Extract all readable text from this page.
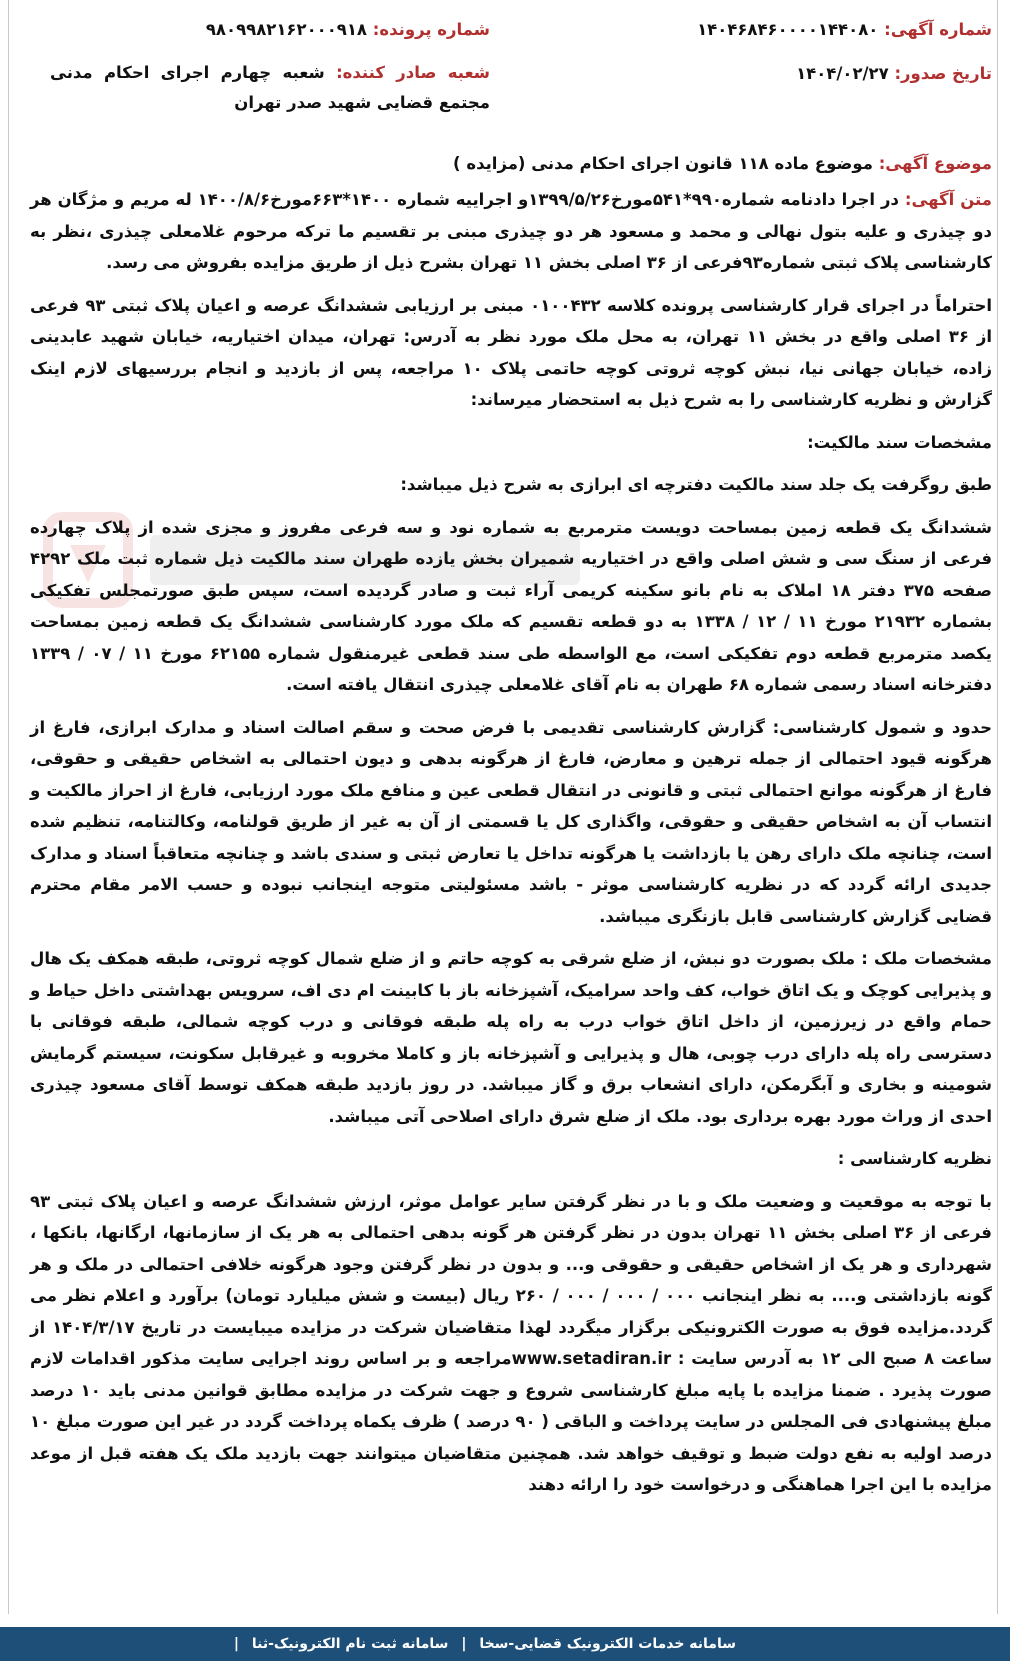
شماره آگهی: ۱۴۰۴۶۸۴۶۰۰۰۰۱۴۴۰۸۰
شماره پرونده: ۹۸۰۹۹۸۲۱۶۲۰۰۰۹۱۸
تاریخ صدور: ۱۴۰۴/۰۲/۲۷
شعبه صادر کننده: شعبه چهارم اجرای احکام مدنی مجتمع قضایی شهید صدر تهران
موضوع آگهی: موضوع ماده ۱۱۸ قانون اجرای احکام مدنی (مزایده )

متن آگهی: در اجرا دادنامه شماره۹۹۰*۵۴۱مورخ۱۳۹۹/۵/۲۶و اجراییه شماره ۱۴۰۰*۶۶۳مورخ۱۴۰۰/۸/۶ له مریم و مژگان هر دو چیذری و علیه بتول نهالی و محمد و مسعود هر دو چیذری مبنی بر تقسیم ما ترکه مرحوم غلامعلی چیذری ،نظر به کارشناسی پلاک ثبتی شماره۹۳فرعی از ۳۶ اصلی بخش ۱۱ تهران بشرح ذیل از طریق مزایده بفروش می رسد.

احتراماً در اجرای قرار کارشناسی پرونده کلاسه ۰۱۰۰۴۳۲ مبنی بر ارزیابی ششدانگ عرصه و اعیان پلاک ثبتی ۹۳ فرعی از ۳۶ اصلی واقع در بخش ۱۱ تهران، به محل ملک مورد نظر به آدرس: تهران، میدان اختیاریه، خیابان شهید عابدینی زاده، خیابان جهانی نیا، نبش کوچه ثروتی کوچه حاتمی پلاک ۱۰ مراجعه، پس از بازدید و انجام بررسیهای لازم اینک گزارش و نظریه کارشناسی را به شرح ذیل به استحضار میرساند:

مشخصات سند مالکیت:

طبق روگرفت یک جلد سند مالکیت دفترچه ای ابرازی به شرح ذیل میباشد:

ششدانگ یک قطعه زمین بمساحت دویست مترمربع به شماره نود و سه فرعی مفروز و مجزی شده از پلاک چهارده فرعی از سنگ سی و شش اصلی واقع در اختیاریه شمیران بخش یازده طهران سند مالکیت ذیل شماره ثبت ملک ۴۲۹۲ صفحه ۳۷۵ دفتر ۱۸ املاک به نام بانو سکینه کریمی آراء ثبت و صادر گردیده است، سپس طبق صورتمجلس تفکیکی بشماره ۲۱۹۳۲ مورخ ۱۱ / ۱۲ / ۱۳۳۸ به دو قطعه تقسیم که ملک مورد کارشناسی ششدانگ یک قطعه زمین بمساحت یکصد مترمربع قطعه دوم تفکیکی است، مع الواسطه طی سند قطعی غیرمنقول شماره ۶۲۱۵۵ مورخ ۱۱ / ۰۷ / ۱۳۳۹ دفترخانه اسناد رسمی شماره ۶۸ طهران به نام آقای غلامعلی چیذری انتقال یافته است.

حدود و شمول کارشناسی: گزارش کارشناسی تقدیمی با فرض صحت و سقم اصالت اسناد و مدارک ابرازی، فارغ از هرگونه قیود احتمالی از جمله ترهین و معارض، فارغ از هرگونه بدهی و دیون احتمالی به اشخاص حقیقی و حقوقی، فارغ از هرگونه موانع احتمالی ثبتی و قانونی در انتقال قطعی عین و منافع ملک مورد ارزیابی، فارغ از احراز مالکیت و انتساب آن به اشخاص حقیقی و حقوقی، واگذاری کل یا قسمتی از آن به غیر از طریق قولنامه، وکالتنامه، تنظیم شده است، چنانچه ملک دارای رهن یا بازداشت یا هرگونه تداخل یا تعارض ثبتی و سندی باشد و چنانچه متعاقباً اسناد و مدارک جدیدی ارائه گردد که در نظریه کارشناسی موثر - باشد مسئولیتی متوجه اینجانب نبوده و حسب الامر مقام محترم قضایی گزارش کارشناسی قابل بازنگری میباشد.

مشخصات ملک : ملک بصورت دو نبش، از ضلع شرقی به کوچه حاتم و از ضلع شمال کوچه ثروتی، طبقه همکف یک هال و پذیرایی کوچک و یک اتاق خواب، کف واحد سرامیک، آشپزخانه باز با کابینت ام دی اف، سرویس بهداشتی داخل حیاط و حمام واقع در زیرزمین، از داخل اتاق خواب درب به راه پله طبقه فوقانی و درب کوچه شمالی، طبقه فوقانی با دسترسی راه پله دارای درب چوبی، هال و پذیرایی و آشپزخانه باز و کاملا مخروبه و غیرقابل سکونت، سیستم گرمایش شومینه و بخاری و آبگرمکن، دارای انشعاب برق و گاز میباشد. در روز بازدید طبقه همکف توسط آقای مسعود چیذری احدی از وراث مورد بهره برداری بود. ملک از ضلع شرق دارای اصلاحی آتی میباشد.

نظریه کارشناسی :

با توجه به موقعیت و وضعیت ملک و با در نظر گرفتن سایر عوامل موثر، ارزش ششدانگ عرصه و اعیان پلاک ثبتی ۹۳ فرعی از ۳۶ اصلی بخش ۱۱ تهران بدون در نظر گرفتن هر گونه بدهی احتمالی به هر یک از سازمانها، ارگانها، بانکها ، شهرداری و هر یک از اشخاص حقیقی و حقوقی و... و بدون در نظر گرفتن وجود هرگونه خلافی احتمالی در ملک و هر گونه بازداشتی و.... به نظر اینجانب ۰۰۰ / ۰۰۰ / ۰۰۰ / ۲۶۰ ریال (بیست و شش میلیارد تومان) برآورد و اعلام نظر می گردد.مزایده فوق به صورت الکترونیکی برگزار میگردد لهذا متقاضیان شرکت در مزایده میبایست در تاریخ ۱۴۰۴/۳/۱۷ از ساعت ۸ صبح الی ۱۲ به آدرس سایت : www.setadiran.irمراجعه و بر اساس روند اجرایی سایت مذکور اقدامات لازم صورت پذیرد . ضمنا مزایده با پایه مبلغ کارشناسی شروع و جهت شرکت در مزایده مطابق قوانین مدنی باید ۱۰ درصد مبلغ پیشنهادی فی المجلس در سایت پرداخت و الباقی ( ۹۰ درصد ) ظرف یکماه پرداخت گردد در غیر این صورت مبلغ ۱۰ درصد اولیه به نفع دولت ضبط و توقیف خواهد شد. همچنین متقاضیان میتوانند جهت بازدید ملک یک هفته قبل از موعد مزایده با این اجرا هماهنگی و درخواست خود را ارائه دهند

سامانه خدمات الکترونیک قضایی-سخا | سامانه ثبت نام الکترونیک-ثنا |
